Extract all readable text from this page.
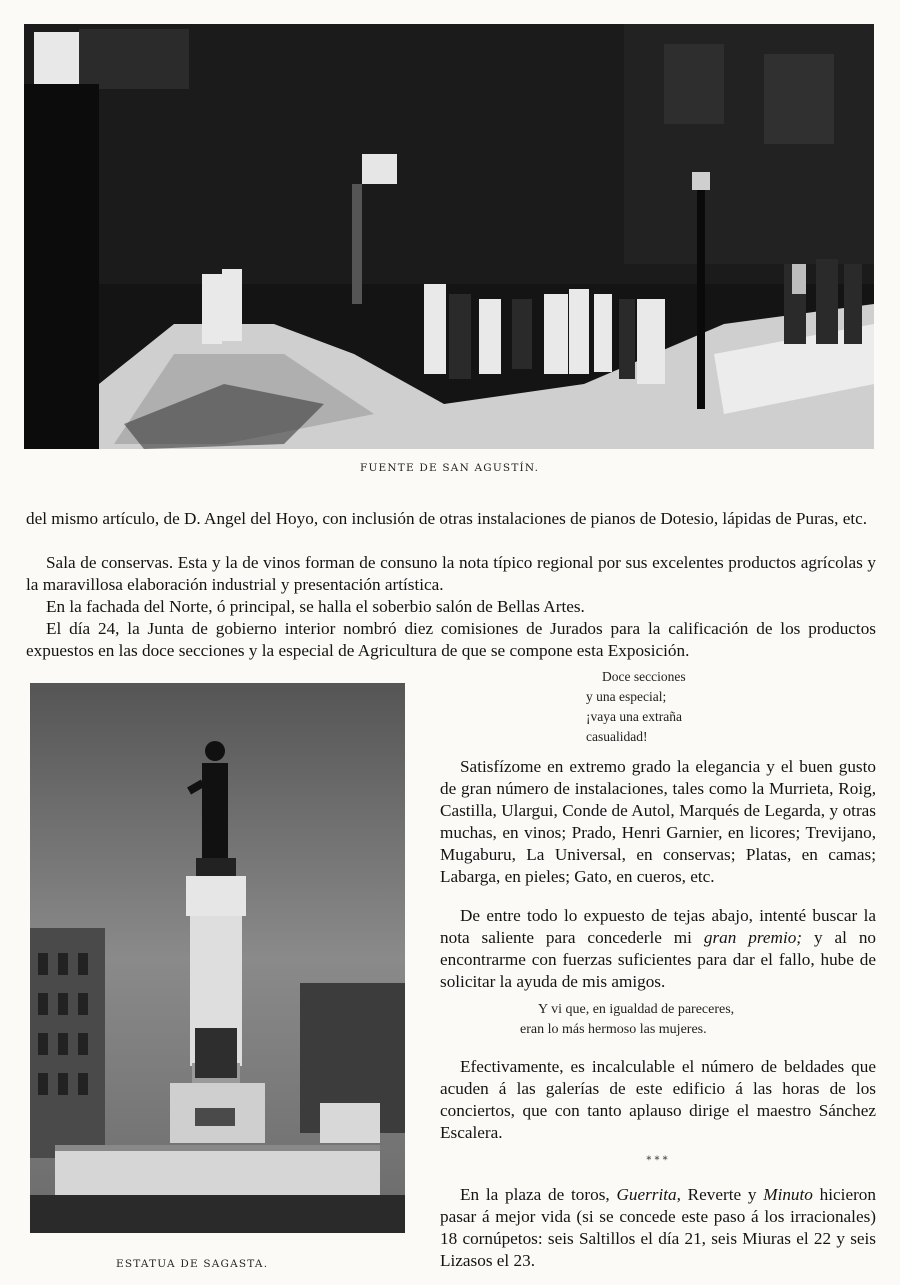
FUENTE DE SAN AGUSTÍN.

del mismo artículo, de D. Angel del Hoyo, con inclusión de otras instalaciones de pianos de Dotesio, lápidas de Puras, etc.

Sala de conservas. Esta y la de vinos forman de consuno la nota típico regional por sus excelentes productos agrícolas y la maravillosa elaboración industrial y presentación artística.

En la fachada del Norte, ó principal, se halla el soberbio salón de Bellas Artes.

El día 24, la Junta de gobierno interior nombró diez comisiones de Jurados para la calificación de los productos expuestos en las doce secciones y la especial de Agricultura de que se compone esta Exposición.

ESTATUA DE SAGASTA.
Doce secciones
y una especial;
¡vaya una extraña
casualidad!

Satisfízome en extremo grado la elegancia y el buen gusto de gran número de instalaciones, tales como la Murrieta, Roig, Castilla, Ulargui, Conde de Autol, Marqués de Legarda, y otras muchas, en vinos; Prado, Henri Garnier, en licores; Trevijano, Mugaburu, La Universal, en conservas; Platas, en camas; Labarga, en pieles; Gato, en cueros, etc.

De entre todo lo expuesto de tejas abajo, intenté buscar la nota saliente para concederle mi gran premio; y al no encontrarme con fuerzas suficientes para dar el fallo, hube de solicitar la ayuda de mis amigos.

Y vi que, en igualdad de pareceres,
eran lo más hermoso las mujeres.

Efectivamente, es incalculable el número de beldades que acuden á las galerías de este edificio á las horas de los conciertos, que con tanto aplauso dirige el maestro Sánchez Escalera.

* * *

En la plaza de toros, Guerrita, Reverte y Minuto hicieron pasar á mejor vida (si se concede este paso á los irracionales) 18 cornúpetos: seis Saltillos el día 21, seis Miuras el 22 y seis Lizasos el 23.
